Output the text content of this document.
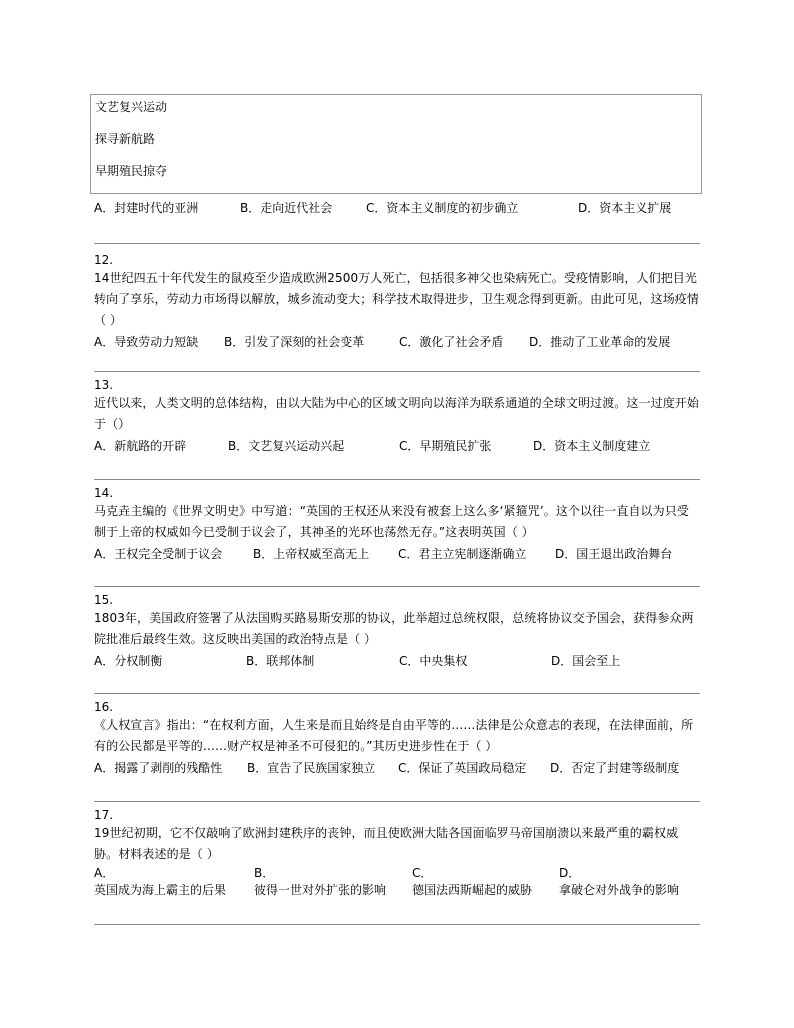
文艺复兴运动
探寻新航路
早期殖民掠夺
A．封建时代的亚洲	B．走向近代社会	C．资本主义制度的初步确立	D．资本主义扩展
12.
14世纪四五十年代发生的鼠疫至少造成欧洲2500万人死亡，包括很多神父也染病死亡。受疫情影响，人们把目光转向了享乐，劳动力市场得以解放，城乡流动变大；科学技术取得进步，卫生观念得到更新。由此可见，这场疫情（ ）
A．导致劳动力短缺 B．引发了深刻的社会变革	C．激化了社会矛盾 D．推动了工业革命的发展
13.
近代以来，人类文明的总体结构，由以大陆为中心的区域文明向以海洋为联系通道的全球文明过渡。这一过度开始于（）
A．新航路的开辟	B．文艺复兴运动兴起	C．早期殖民扩张	D．资本主义制度建立
14.
马克垚主编的《世界文明史》中写道：“英国的王权还从来没有被套上这么多‘紧箍咒’。这个以往一直自以为只受制于上帝的权威如今已受制于议会了，其神圣的光环也荡然无存。”这表明英国（ ）
A．王权完全受制于议会	B．上帝权威至高无上 C．君主立宪制逐渐确立 D．国王退出政治舞台
15.
1803年，美国政府签署了从法国购买路易斯安那的协议，此举超过总统权限，总统将协议交予国会，获得参众两院批准后最终生效。这反映出美国的政治特点是（ ）
A．分权制衡	B．联邦体制	C．中央集权	D．国会至上
16.
《人权宣言》指出：“在权利方面，人生来是而且始终是自由平等的……法律是公众意志的表现，在法律面前，所有的公民都是平等的……财产权是神圣不可侵犯的。”其历史进步性在于（ ）
A．揭露了剥削的残酷性 B．宣告了民族国家独立 C．保证了英国政局稳定 D．否定了封建等级制度
17.
19世纪初期，它不仅敲响了欧洲封建秩序的丧钟，而且使欧洲大陆各国面临罗马帝国崩溃以来最严重的霸权威胁。材料表述的是（ ）
A．
英国成为海上霸主的后果
B．
彼得一世对外扩张的影响
C．
德国法西斯崛起的威胁
D．
拿破仑对外战争的影响
